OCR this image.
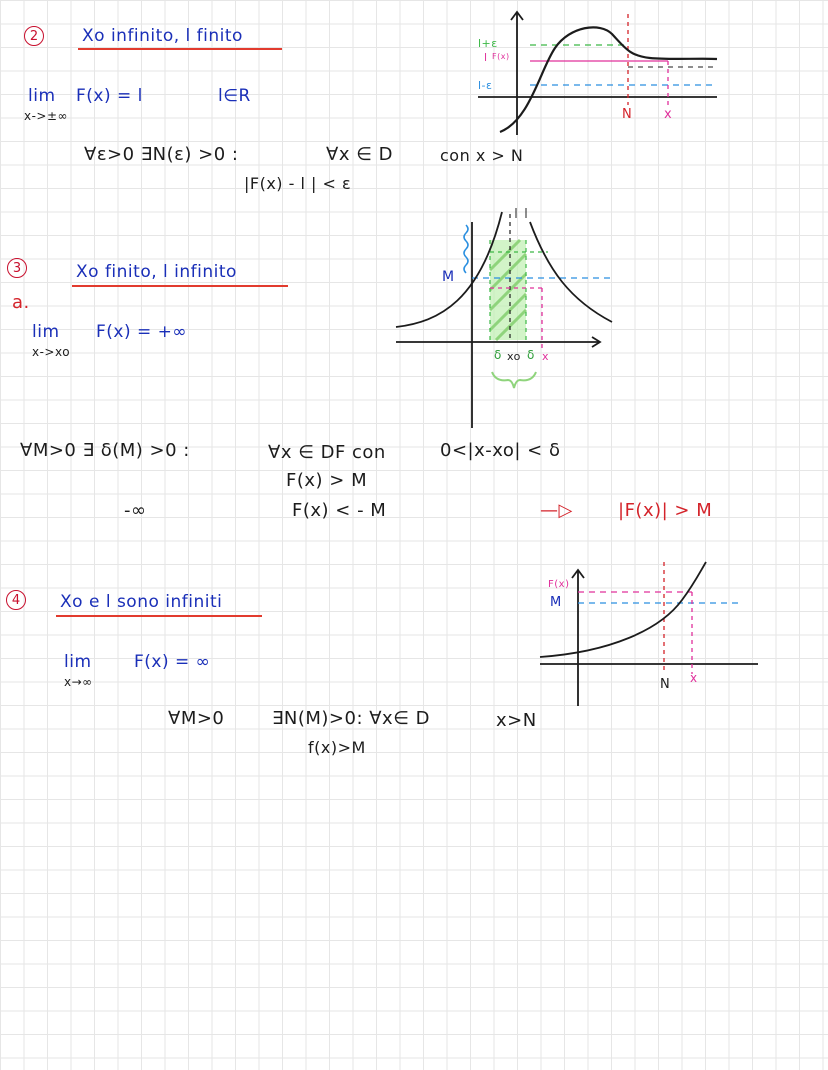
2	Xo infinito, l finito
lim F(x) = l
x->±∞
l∈R
∀ε>0 ∃N(ε) >0 :	∀x ∈ D
|F(x) - l | < ε
con x > N
l+ε
l F(x)
l-ε
N x
3	Xo finito, l infinito
a.
lim F(x) = +∞
x->xo
∀M>0 ∃ δ(M) >0 :	∀x ∈ DF con	0<|x-xo| < δ
F(x) > M
-∞	F(x) < - M	—▷	|F(x)| > M
M
δ xo δ x
4	Xo e l sono infiniti
lim F(x) = ∞
x→∞
∀M>0	∃N(M)>0: ∀x∈ D	x>N
f(x)>M
F(x)
M
N x
